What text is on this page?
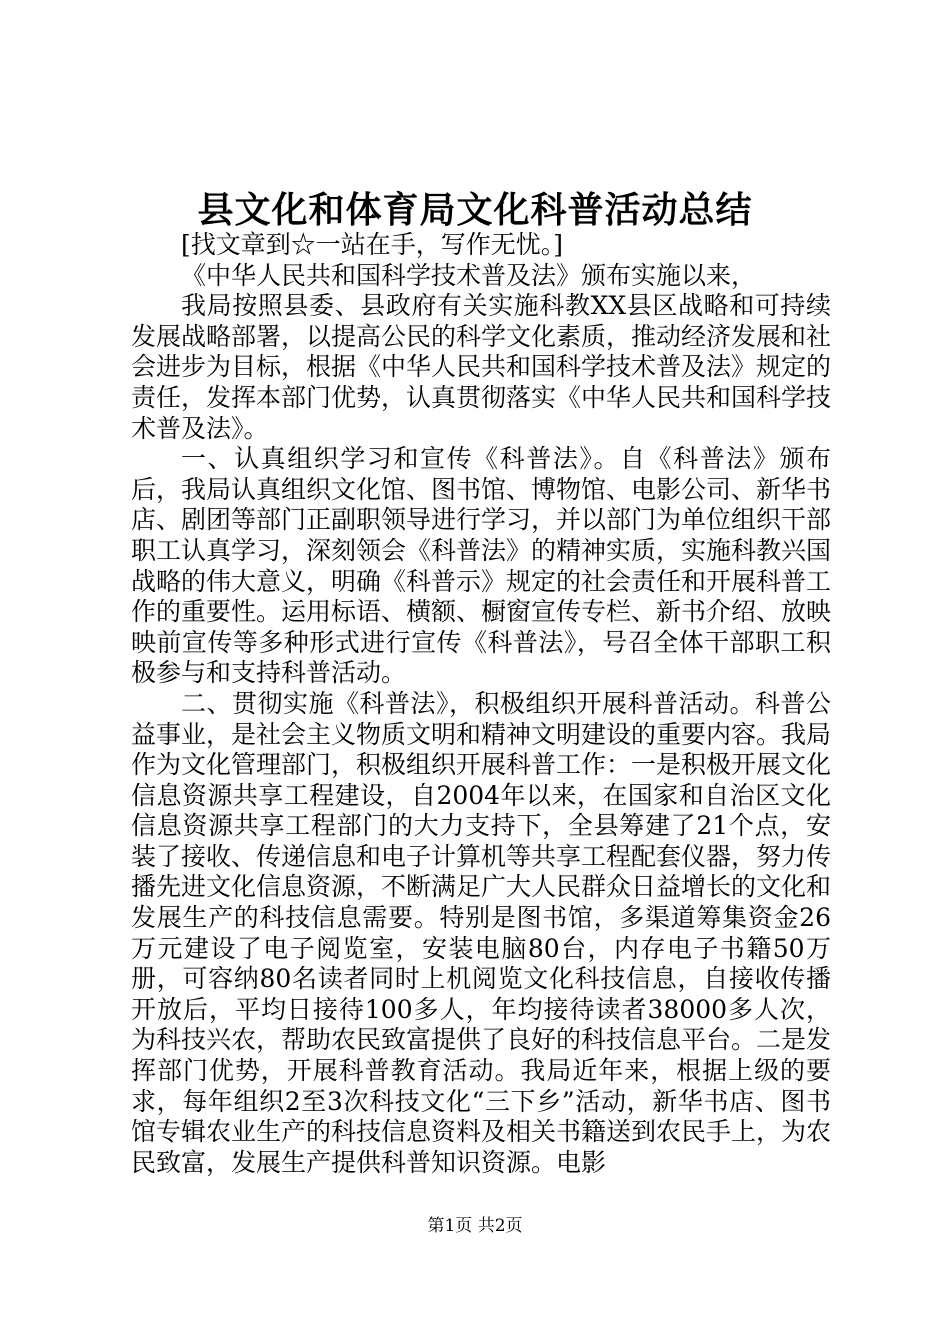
县文化和体育局文化科普活动总结

[找文章到☆一站在手，写作无忧。]

《中华人民共和国科学技术普及法》颁布实施以来，

我局按照县委、县政府有关实施科教XX县区战略和可持续发展战略部署，以提高公民的科学文化素质，推动经济发展和社会进步为目标，根据《中华人民共和国科学技术普及法》规定的责任，发挥本部门优势，认真贯彻落实《中华人民共和国科学技术普及法》。

一、认真组织学习和宣传《科普法》。自《科普法》颁布后，我局认真组织文化馆、图书馆、博物馆、电影公司、新华书店、剧团等部门正副职领导进行学习，并以部门为单位组织干部职工认真学习，深刻领会《科普法》的精神实质，实施科教兴国战略的伟大意义，明确《科普示》规定的社会责任和开展科普工作的重要性。运用标语、横额、橱窗宣传专栏、新书介绍、放映映前宣传等多种形式进行宣传《科普法》，号召全体干部职工积极参与和支持科普活动。

二、贯彻实施《科普法》，积极组织开展科普活动。科普公益事业，是社会主义物质文明和精神文明建设的重要内容。我局作为文化管理部门，积极组织开展科普工作：一是积极开展文化信息资源共享工程建设，自2004年以来，在国家和自治区文化信息资源共享工程部门的大力支持下，全县筹建了21个点，安装了接收、传递信息和电子计算机等共享工程配套仪器，努力传播先进文化信息资源，不断满足广大人民群众日益增长的文化和发展生产的科技信息需要。特别是图书馆，多渠道筹集资金26万元建设了电子阅览室，安装电脑80台，内存电子书籍50万册，可容纳80名读者同时上机阅览文化科技信息，自接收传播开放后，平均日接待100多人，年均接待读者38000多人次，为科技兴农，帮助农民致富提供了良好的科技信息平台。二是发挥部门优势，开展科普教育活动。我局近年来，根据上级的要求，每年组织2至3次科技文化“三下乡”活动，新华书店、图书馆专辑农业生产的科技信息资料及相关书籍送到农民手上，为农民致富，发展生产提供科普知识资源。电影

第1页 共2页
